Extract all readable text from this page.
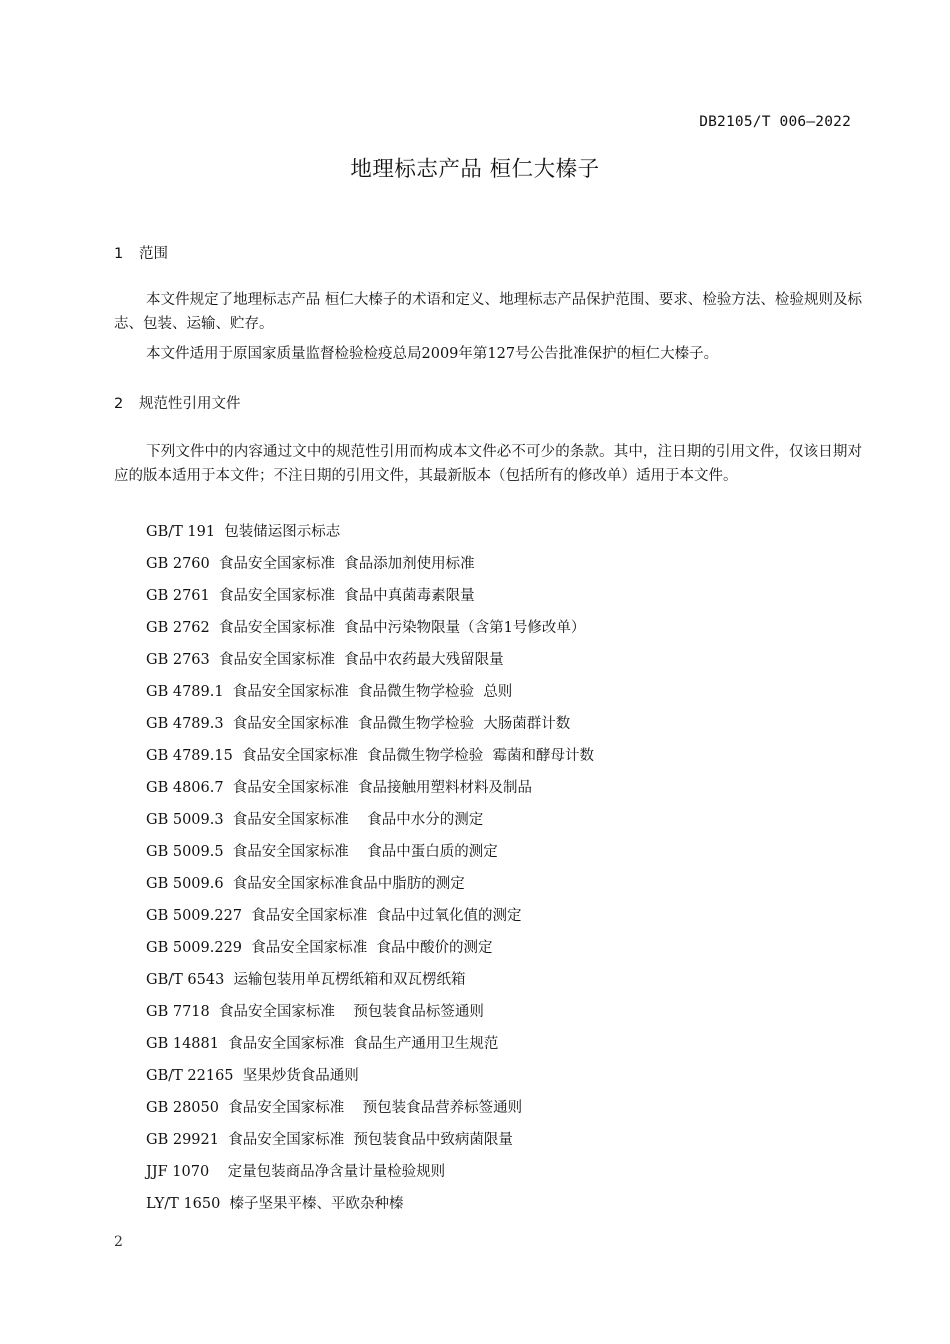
DB2105/T 006—2022
地理标志产品 桓仁大榛子
1 范围
本文件规定了地理标志产品 桓仁大榛子的术语和定义、地理标志产品保护范围、要求、检验方法、检验规则及标志、包装、运输、贮存。
本文件适用于原国家质量监督检验检疫总局2009年第127号公告批准保护的桓仁大榛子。
2 规范性引用文件
下列文件中的内容通过文中的规范性引用而构成本文件必不可少的条款。其中，注日期的引用文件，仅该日期对应的版本适用于本文件；不注日期的引用文件，其最新版本（包括所有的修改单）适用于本文件。
GB/T 191  包装储运图示标志
GB 2760  食品安全国家标准  食品添加剂使用标准
GB 2761  食品安全国家标准  食品中真菌毒素限量
GB 2762  食品安全国家标准  食品中污染物限量（含第1号修改单）
GB 2763  食品安全国家标准  食品中农药最大残留限量
GB 4789.1  食品安全国家标准  食品微生物学检验  总则
GB 4789.3  食品安全国家标准  食品微生物学检验  大肠菌群计数
GB 4789.15  食品安全国家标准  食品微生物学检验  霉菌和酵母计数
GB 4806.7  食品安全国家标准  食品接触用塑料材料及制品
GB 5009.3  食品安全国家标准    食品中水分的测定
GB 5009.5  食品安全国家标准    食品中蛋白质的测定
GB 5009.6  食品安全国家标准食品中脂肪的测定
GB 5009.227  食品安全国家标准  食品中过氧化值的测定
GB 5009.229  食品安全国家标准  食品中酸价的测定
GB/T 6543  运输包装用单瓦楞纸箱和双瓦楞纸箱
GB 7718  食品安全国家标准    预包装食品标签通则
GB 14881  食品安全国家标准  食品生产通用卫生规范
GB/T 22165  坚果炒货食品通则
GB 28050  食品安全国家标准    预包装食品营养标签通则
GB 29921  食品安全国家标准  预包装食品中致病菌限量
JJF 1070    定量包装商品净含量计量检验规则
LY/T 1650  榛子坚果平榛、平欧杂种榛
2
